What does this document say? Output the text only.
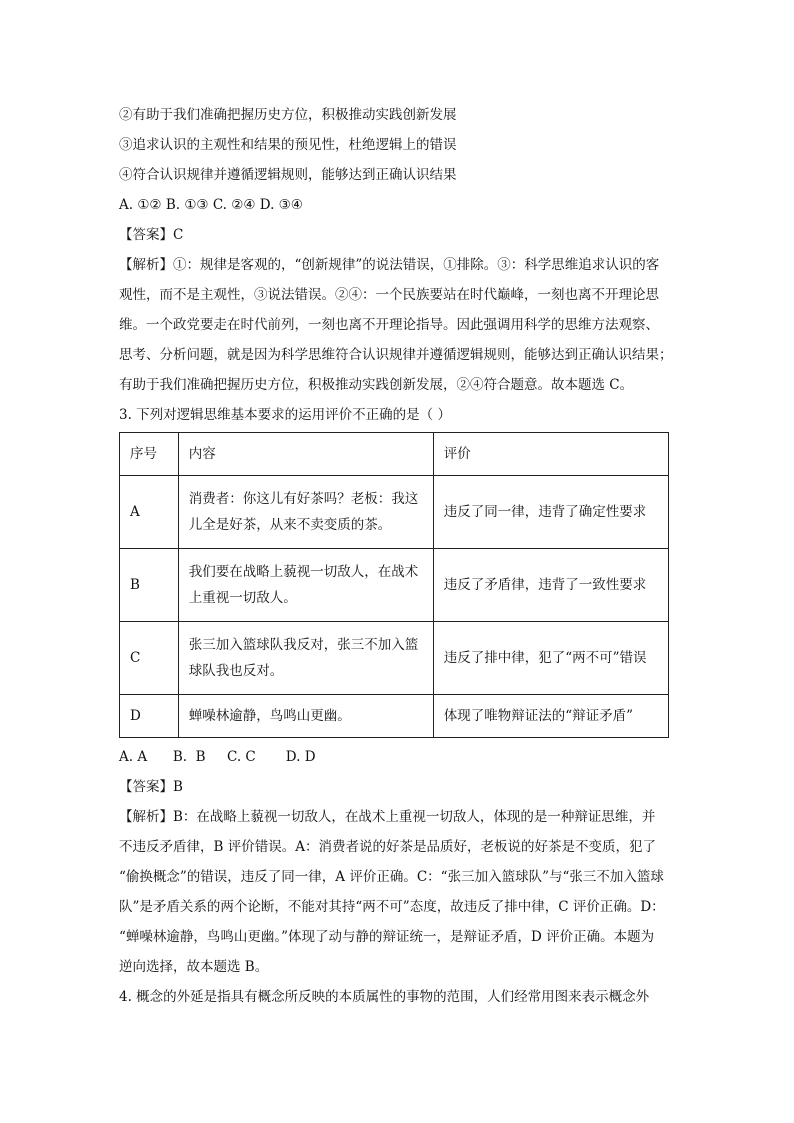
②有助于我们准确把握历史方位，积极推动实践创新发展

③追求认识的主观性和结果的预见性，杜绝逻辑上的错误

④符合认识规律并遵循逻辑规则，能够达到正确认识结果

A. ①② B. ①③ C. ②④ D. ③④

【答案】C

【解析】①：规律是客观的，“创新规律”的说法错误，①排除。③：科学思维追求认识的客

观性，而不是主观性，③说法错误。②④：一个民族要站在时代巅峰，一刻也离不开理论思

维。一个政党要走在时代前列，一刻也离不开理论指导。因此强调用科学的思维方法观察、

思考、分析问题，就是因为科学思维符合认识规律并遵循逻辑规则，能够达到正确认识结果；

有助于我们准确把握历史方位，积极推动实践创新发展，②④符合题意。故本题选 C。

3. 下列对逻辑思维基本要求的运用评价不正确的是（ ）

序号	内容	评价
A	消费者：你这儿有好茶吗？老板：我这儿全是好茶，从来不卖变质的茶。	违反了同一律，违背了确定性要求
B	我们要在战略上藐视一切敌人，在战术上重视一切敌人。	违反了矛盾律，违背了一致性要求
C	张三加入篮球队我反对，张三不加入篮球队我也反对。	违反了排中律，犯了“两不可”错误
D	蝉噪林逾静，鸟鸣山更幽。	体现了唯物辩证法的“辩证矛盾”

A. A      B.  B     C. C       D. D

【答案】B

【解析】B：在战略上藐视一切敌人，在战术上重视一切敌人，体现的是一种辩证思维，并

不违反矛盾律，B 评价错误。A：消费者说的好茶是品质好，老板说的好茶是不变质，犯了

“偷换概念”的错误，违反了同一律，A 评价正确。C：“张三加入篮球队”与“张三不加入篮球

队”是矛盾关系的两个论断，不能对其持“两不可”态度，故违反了排中律，C 评价正确。D：

“蝉噪林逾静，鸟鸣山更幽。”体现了动与静的辩证统一，是辩证矛盾，D 评价正确。本题为

逆向选择，故本题选 B。

4. 概念的外延是指具有概念所反映的本质属性的事物的范围，人们经常用图来表示概念外
